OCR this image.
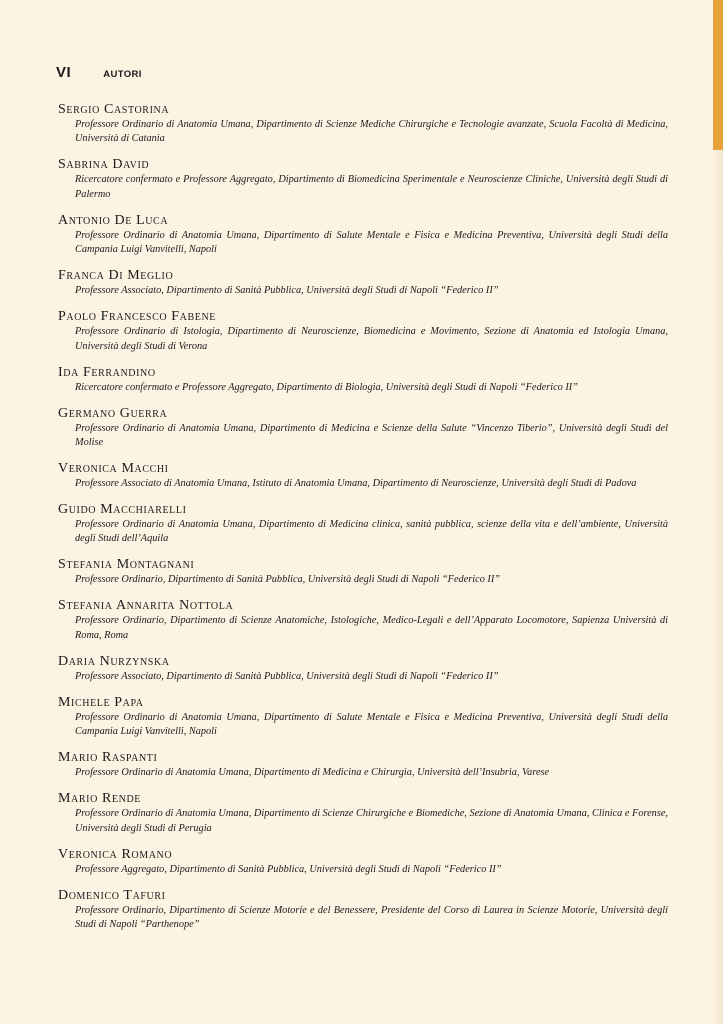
VI	AUTORI
Sergio Castorina
Professore Ordinario di Anatomia Umana, Dipartimento di Scienze Mediche Chirurgiche e Tecnologie avanzate, Scuola Facoltà di Medicina, Università di Catania
Sabrina David
Ricercatore confermato e Professore Aggregato, Dipartimento di Biomedicina Sperimentale e Neuroscienze Cliniche, Università degli Studi di Palermo
Antonio De Luca
Professore Ordinario di Anatomia Umana, Dipartimento di Salute Mentale e Fisica e Medicina Preventiva, Università degli Studi della Campania Luigi Vanvitelli, Napoli
Franca Di Meglio
Professore Associato, Dipartimento di Sanità Pubblica, Università degli Studi di Napoli “Federico II”
Paolo Francesco Fabene
Professore Ordinario di Istologia, Dipartimento di Neuroscienze, Biomedicina e Movimento, Sezione di Anatomia ed Istologia Umana, Università degli Studi di Verona
Ida Ferrandino
Ricercatore confermato e Professore Aggregato, Dipartimento di Biologia, Università degli Studi di Napoli “Federico II”
Germano Guerra
Professore Ordinario di Anatomia Umana, Dipartimento di Medicina e Scienze della Salute “Vincenzo Tiberio”, Università degli Studi del Molise
Veronica Macchi
Professore Associato di Anatomia Umana, Istituto di Anatomia Umana, Dipartimento di Neuroscienze, Università degli Studi di Padova
Guido Macchiarelli
Professore Ordinario di Anatomia Umana, Dipartimento di Medicina clinica, sanità pubblica, scienze della vita e dell’ambiente, Università degli Studi dell’Aquila
Stefania Montagnani
Professore Ordinario, Dipartimento di Sanità Pubblica, Università degli Studi di Napoli “Federico II”
Stefania Annarita Nottola
Professore Ordinario, Dipartimento di Scienze Anatomiche, Istologiche, Medico-Legali e dell’Apparato Locomotore, Sapienza Università di Roma, Roma
Daria Nurzynska
Professore Associato, Dipartimento di Sanità Pubblica, Università degli Studi di Napoli “Federico II”
Michele Papa
Professore Ordinario di Anatomia Umana, Dipartimento di Salute Mentale e Fisica e Medicina Preventiva, Università degli Studi della Campania Luigi Vanvitelli, Napoli
Mario Raspanti
Professore Ordinario di Anatomia Umana, Dipartimento di Medicina e Chirurgia, Università dell’Insubria, Varese
Mario Rende
Professore Ordinario di Anatomia Umana, Dipartimento di Scienze Chirurgiche e Biomediche, Sezione di Anatomia Umana, Clinica e Forense, Università degli Studi di Perugia
Veronica Romano
Professore Aggregato, Dipartimento di Sanità Pubblica, Università degli Studi di Napoli “Federico II”
Domenico Tafuri
Professore Ordinario, Dipartimento di Scienze Motorie e del Benessere, Presidente del Corso di Laurea in Scienze Motorie, Università degli Studi di Napoli “Parthenope”
